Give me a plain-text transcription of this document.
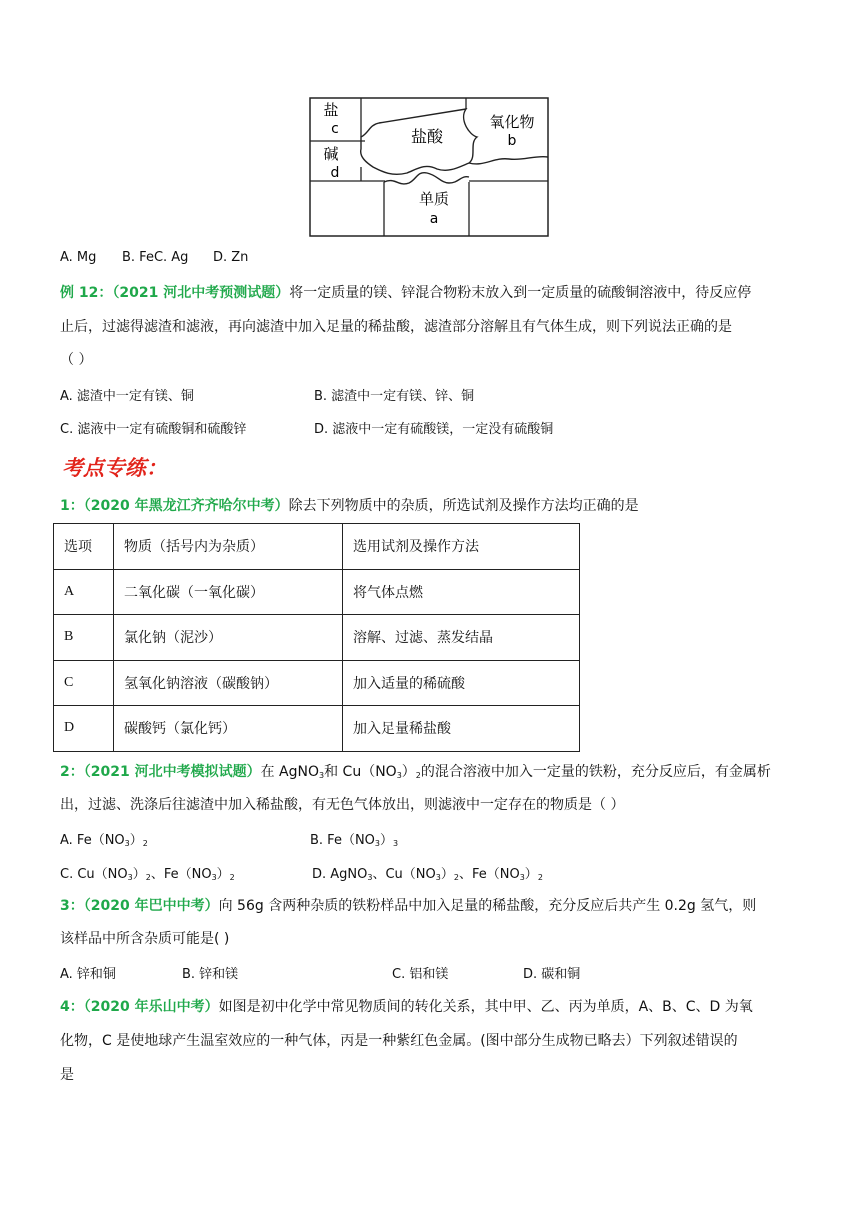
盐
c
碱
d
盐酸
氧化物
b
单质
a
A. Mg B. FeC. Ag D. Zn
例 12：（2021 河北中考预测试题）将一定质量的镁、锌混合物粉末放入到一定质量的硫酸铜溶液中，待反应停
止后，过滤得滤渣和滤液，再向滤渣中加入足量的稀盐酸，滤渣部分溶解且有气体生成，则下列说法正确的是
（ ）
A. 滤渣中一定有镁、铜	B. 滤渣中一定有镁、锌、铜
C. 滤液中一定有硫酸铜和硫酸锌	D. 滤液中一定有硫酸镁，一定没有硫酸铜
考点专练：
1：（2020 年黑龙江齐齐哈尔中考）除去下列物质中的杂质，所选试剂及操作方法均正确的是
选项	物质（括号内为杂质）	选用试剂及操作方法
A	二氧化碳（一氧化碳）	将气体点燃
B	氯化钠（泥沙）	溶解、过滤、蒸发结晶
C	氢氧化钠溶液（碳酸钠）	加入适量的稀硫酸
D	碳酸钙（氯化钙）	加入足量稀盐酸
2：（2021 河北中考模拟试题）在 AgNO$_3$和 $Cu(NO_3)_2$的混合溶液中加入一定量的铁粉，充分反应后，有金属析
出，过滤、洗涤后往滤渣中加入稀盐酸，有无色气体放出，则滤液中一定存在的物质是（ ）
A. $Fe(NO_3)_2$	B. $Fe(NO_3)_3$
C. $Cu(NO_3)_2$、$Fe(NO_3)_2$	D. AgNO$_3$、$Cu(NO_3)_2$、$Fe(NO_3)_2$
3：（2020 年巴中中考）向 56g 含两种杂质的铁粉样品中加入足量的稀盐酸，充分反应后共产生 0.2g 氢气，则
该样品中所含杂质可能是( )
A. 锌和铜	B. 锌和镁	C. 铝和镁	D. 碳和铜
4：（2020 年乐山中考）如图是初中化学中常见物质间的转化关系，其中甲、乙、丙为单质，A、B、C、D 为氧
化物，C 是使地球产生温室效应的一种气体，丙是一种紫红色金属。(图中部分生成物已略去）下列叙述错误的
是
